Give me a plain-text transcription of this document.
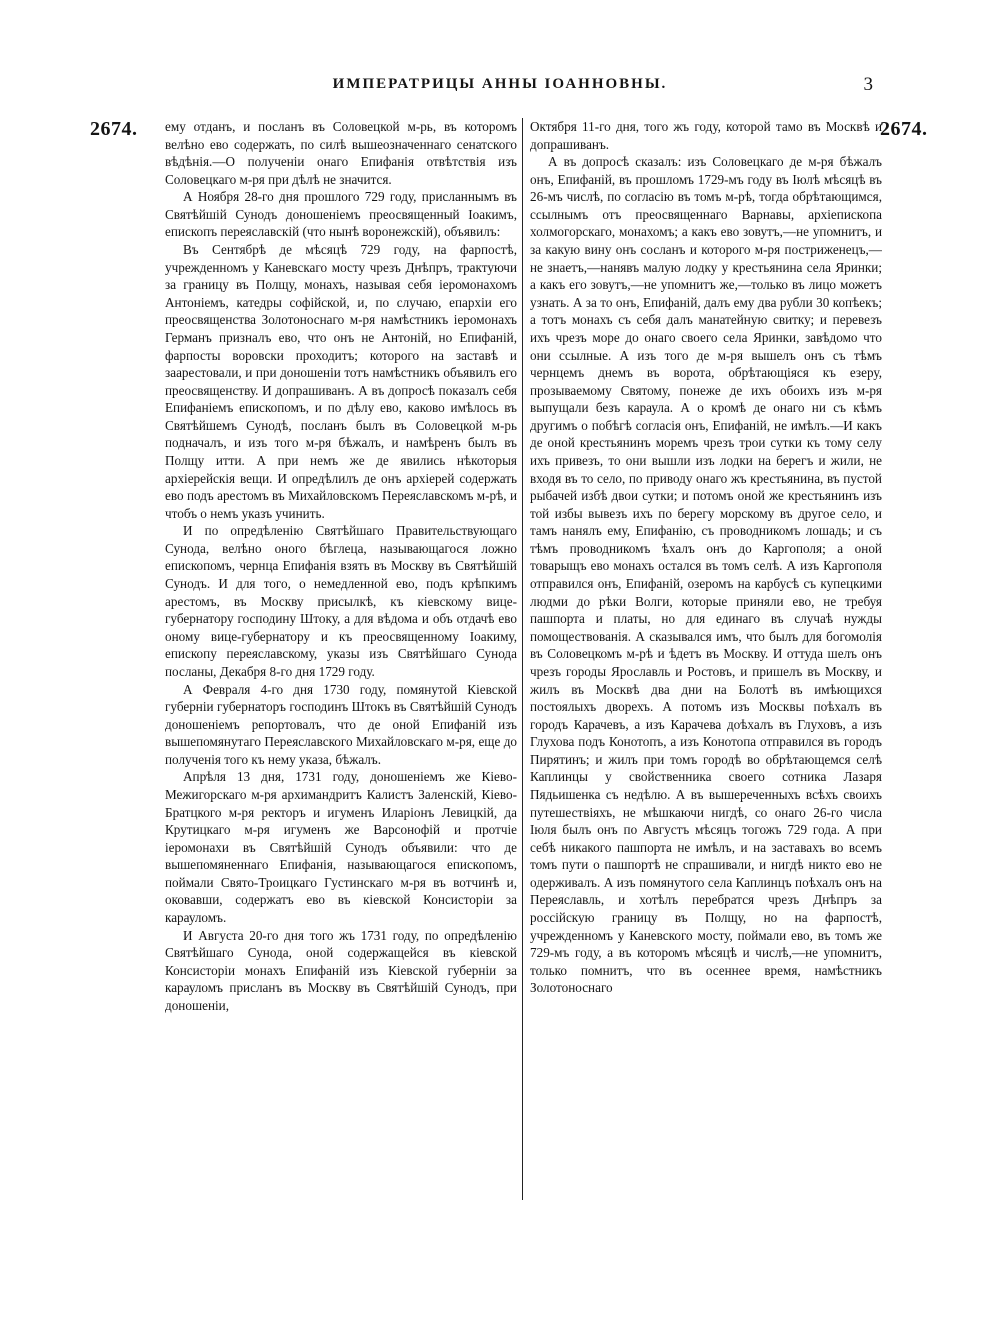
ИМПЕРАТРИЦЫ АННЫ ІОАННОВНЫ.	3
2674.	2674.

ему отданъ, и посланъ въ Соловецкой м-рь, въ которомъ велѣно ево содержать, по силѣ вышеозначеннаго сенатского вѣдѣнія.—О полученіи онаго Епифанія отвѣтствія изъ Соловецкаго м-ря при дѣлѣ не значится.

А Ноября 28-го дня прошлого 729 году, присланнымъ въ Святѣйшій Сунодъ доношеніемъ преосвященный Іоакимъ, епископъ переяславскій (что нынѣ воронежскій), объявилъ:

Въ Сентябрѣ де мѣсяцѣ 729 году, на фарпостѣ, учрежденномъ у Каневскаго мосту чрезъ Днѣпръ, трактуючи за границу въ Полщу, монахъ, называя себя іеромонахомъ Антоніемъ, катедры софійской, и, по случаю, епархіи его преосвященства Золотоноснаго м-ря намѣстникъ іеромонахъ Германъ призналъ ево, что онъ не Антоній, но Епифаній, фарпосты воровски проходитъ; которого на заставѣ и заарестовали, и при доношеніи тотъ намѣстникъ объявилъ его преосвященству. И допрашиванъ. А въ допросѣ показалъ себя Епифаніемъ епископомъ, и по дѣлу ево, каково имѣлось въ Святѣйшемъ Сунодѣ, посланъ былъ въ Соловецкой м-рь подначалъ, и изъ того м-ря бѣжалъ, и намѣренъ былъ въ Полщу итти. А при немъ же де явились нѣкоторыя архіерейскія вещи. И опредѣлилъ де онъ архіерей содержать ево подъ арестомъ въ Михайловскомъ Переяславскомъ м-рѣ, и чтобъ о немъ указъ учинить.

И по опредѣленію Святѣйшаго Правительствующаго Сунода, велѣно оного бѣглеца, называющагося ложно епископомъ, чернца Епифанія взять въ Москву въ Святѣйшій Сунодъ. И для того, о немедленной ево, подъ крѣпкимъ арестомъ, въ Москву присылкѣ, къ кіевскому вице-губернатору господину Штоку, а для вѣдома и объ отдачѣ ево оному вице-губернатору и къ преосвященному Іоакиму, епископу переяславскому, указы изъ Святѣйшаго Сунода посланы, Декабря 8-го дня 1729 году.

А Февраля 4-го дня 1730 году, помянутой Кіевской губерніи губернаторъ господинъ Штокъ въ Святѣйшій Сунодъ доношеніемъ репортовалъ, что де оной Епифаній изъ вышепомянутаго Переяславского Михайловскаго м-ря, еще до полученія того къ нему указа, бѣжалъ.

Апрѣля 13 дня, 1731 году, доношеніемъ же Кіево-Межигорскаго м-ря архимандритъ Калистъ Заленскій, Кіево-Братцкого м-ря ректоръ и игуменъ Иларіонъ Левицкій, да Крутицкаго м-ря игуменъ же Варсонофій и протчіе іеромонахи въ Святѣйшій Сунодъ объявили: что де вышепомяненнаго Епифанія, называющагося епископомъ, поймали Свято-Троицкаго Густинскаго м-ря въ вотчинѣ и, оковавши, содержатъ ево въ кіевской Консисторіи за карауломъ.

И Августа 20-го дня того жъ 1731 году, по опредѣленію Святѣйшаго Сунода, оной содержащейся въ кіевской Консисторіи монахъ Епифаній изъ Кіевской губерніи за карауломъ присланъ въ Москву въ Святѣйшій Сунодъ, при доношеніи,

Октября 11-го дня, того жъ году, которой тамо въ Москвѣ и допрашиванъ.

А въ допросѣ сказалъ: изъ Соловецкаго де м-ря бѣжалъ онъ, Епифаній, въ прошломъ 1729-мъ году въ Іюлѣ мѣсяцѣ въ 26-мъ числѣ, по согласію въ томъ м-рѣ, тогда обрѣтающимся, ссылнымъ отъ преосвященнаго Варнавы, архіепископа холмогорскаго, монахомъ; а какъ ево зовутъ,—не упомнитъ, и за какую вину онъ сосланъ и которого м-ря постриженецъ,—не знаетъ,—нанявъ малую лодку у крестьянина села Яринки; а какъ его зовутъ,—не упомнитъ же,—только въ лицо можетъ узнать. А за то онъ, Епифаній, далъ ему два рубли 30 копѣекъ; а тотъ монахъ съ себя далъ манатейную свитку; и перевезъ ихъ чрезъ море до онаго своего села Яринки, завѣдомо что они ссылные. А изъ того де м-ря вышелъ онъ съ тѣмъ чернцемъ днемъ въ ворота, обрѣтающіяся къ езеру, прозываемому Святому, понеже де ихъ обоихъ изъ м-ря выпущали безъ караула. А о кромѣ де онаго ни съ кѣмъ другимъ о побѣгѣ согласія онъ, Епифаній, не имѣлъ.—И какъ де оной крестьянинъ моремъ чрезъ трои сутки къ тому селу ихъ привезъ, то они вышли изъ лодки на берегъ и жили, не входя въ то село, по приводу онаго жъ крестьянина, въ пустой рыбачей избѣ двои сутки; и потомъ оной же крестьянинъ изъ той избы вывезъ ихъ по берегу морскому въ другое село, и тамъ нанялъ ему, Епифанію, съ проводникомъ лошадь; и съ тѣмъ проводникомъ ѣхалъ онъ до Каргополя; а оной товарыщъ ево монахъ остался въ томъ селѣ. А изъ Каргополя отправился онъ, Епифаній, озеромъ на карбусѣ съ купецкими людми до рѣки Волги, которые приняли ево, не требуя пашпорта и платы, но для единаго въ случаѣ нужды помоществованія. А сказывался имъ, что былъ для богомолія въ Соловецкомъ м-рѣ и ѣдетъ въ Москву. И оттуда шелъ онъ чрезъ городы Ярославль и Ростовъ, и пришелъ въ Москву, и жилъ въ Москвѣ два дни на Болотѣ въ имѣющихся постоялыхъ дворехъ. А потомъ изъ Москвы поѣхалъ въ городъ Карачевъ, а изъ Карачева доѣхалъ въ Глуховъ, а изъ Глухова подъ Конотопъ, а изъ Конотопа отправился въ городъ Пирятинъ; и жилъ при томъ городѣ во обрѣтающемся селѣ Каплинцы у свойственника своего сотника Лазаря Пядьишенка съ недѣлю. А въ вышереченныхъ всѣхъ своихъ путешествіяхъ, не мѣшкаючи нигдѣ, со онаго 26-го числа Іюля былъ онъ по Августъ мѣсяцъ тогожъ 729 года. А при себѣ никакого пашпорта не имѣлъ, и на заставахъ во всемъ томъ пути о пашпортѣ не спрашивали, и нигдѣ никто ево не одерживалъ. А изъ помянутого села Каплинцъ поѣхалъ онъ на Переяславль, и хотѣлъ перебратся чрезъ Днѣпръ за россійскую границу въ Полщу, но на фарпостѣ, учрежденномъ у Каневского мосту, поймали ево, въ томъ же 729-мъ году, а въ которомъ мѣсяцѣ и числѣ,—не упомнитъ, только помнитъ, что въ осеннее время, намѣстникъ Золотоноснаго
